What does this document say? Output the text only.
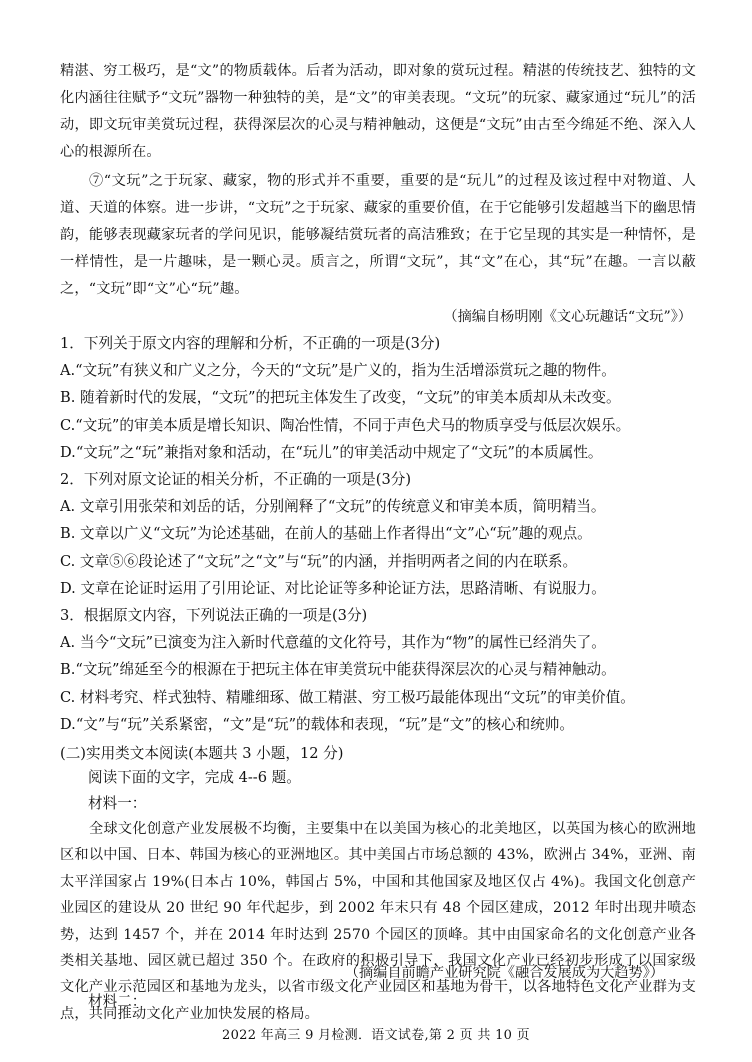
精湛、穷工极巧，是“文”的物质载体。后者为活动，即对象的赏玩过程。精湛的传统技艺、独特的文化内涵往往赋予“文玩”器物一种独特的美，是“文”的审美表现。“文玩”的玩家、藏家通过“玩儿”的活动，即文玩审美赏玩过程，获得深层次的心灵与精神触动，这便是“文玩”由古至今绵延不绝、深入人心的根源所在。
⑦“文玩”之于玩家、藏家，物的形式并不重要，重要的是“玩儿”的过程及该过程中对物道、人道、天道的体察。进一步讲，“文玩”之于玩家、藏家的重要价值，在于它能够引发超越当下的幽思情韵，能够表现藏家玩者的学问见识，能够凝结赏玩者的高洁雅致；在于它呈现的其实是一种情怀，是一样情性，是一片趣味，是一颗心灵。质言之，所谓“文玩”，其“文”在心，其“玩”在趣。一言以蔽之，“文玩”即“文”心“玩”趣。
（摘编自杨明刚《文心玩趣话“文玩”》）
1．下列关于原文内容的理解和分析，不正确的一项是(3分)
A.“文玩”有狭义和广义之分，今天的“文玩”是广义的，指为生活增添赏玩之趣的物件。
B. 随着新时代的发展，“文玩”的把玩主体发生了改变，“文玩”的审美本质却从未改变。
C.“文玩”的审美本质是增长知识、陶冶性情，不同于声色犬马的物质享受与低层次娱乐。
D.“文玩”之“玩”兼指对象和活动，在“玩儿”的审美活动中规定了“文玩”的本质属性。
2．下列对原文论证的相关分析，不正确的一项是(3分)
A. 文章引用张荣和刘岳的话，分别阐释了“文玩”的传统意义和审美本质，简明精当。
B. 文章以广义“文玩”为论述基础，在前人的基础上作者得出“文”心“玩”趣的观点。
C. 文章⑤⑥段论述了“文玩”之“文”与“玩”的内涵，并指明两者之间的内在联系。
D. 文章在论证时运用了引用论证、对比论证等多种论证方法，思路清晰、有说服力。
3．根据原文内容，下列说法正确的一项是(3分)
A. 当今“文玩”已演变为注入新时代意蕴的文化符号，其作为“物”的属性已经消失了。
B.“文玩”绵延至今的根源在于把玩主体在审美赏玩中能获得深层次的心灵与精神触动。
C. 材料考究、样式独特、精雕细琢、做工精湛、穷工极巧最能体现出“文玩”的审美价值。
D.“文”与“玩”关系紧密，“文”是“玩”的载体和表现，“玩”是“文”的核心和统帅。
(二)实用类文本阅读(本题共 3 小题，12 分)
阅读下面的文字，完成 4--6 题。
材料一：
全球文化创意产业发展极不均衡，主要集中在以美国为核心的北美地区，以英国为核心的欧洲地区和以中国、日本、韩国为核心的亚洲地区。其中美国占市场总额的 43%，欧洲占 34%，亚洲、南太平洋国家占 19%(日本占 10%，韩国占 5%，中国和其他国家及地区仅占 4%)。我国文化创意产业园区的建设从 20 世纪 90 年代起步，到 2002 年末只有 48 个园区建成，2012 年时出现井喷态势，达到 1457 个，并在 2014 年时达到 2570 个园区的顶峰。其中由国家命名的文化创意产业各类相关基地、园区就已超过 350 个。在政府的积极引导下，我国文化产业已经初步形成了以国家级文化产业示范园区和基地为龙头，以省市级文化产业园区和基地为骨干，以各地特色文化产业群为支点，共同推动文化产业加快发展的格局。
（摘编自前瞻产业研究院《融合发展成为大趋势》）
材料二：
2022 年高三 9 月检测．语文试卷,第 2 页 共 10 页
